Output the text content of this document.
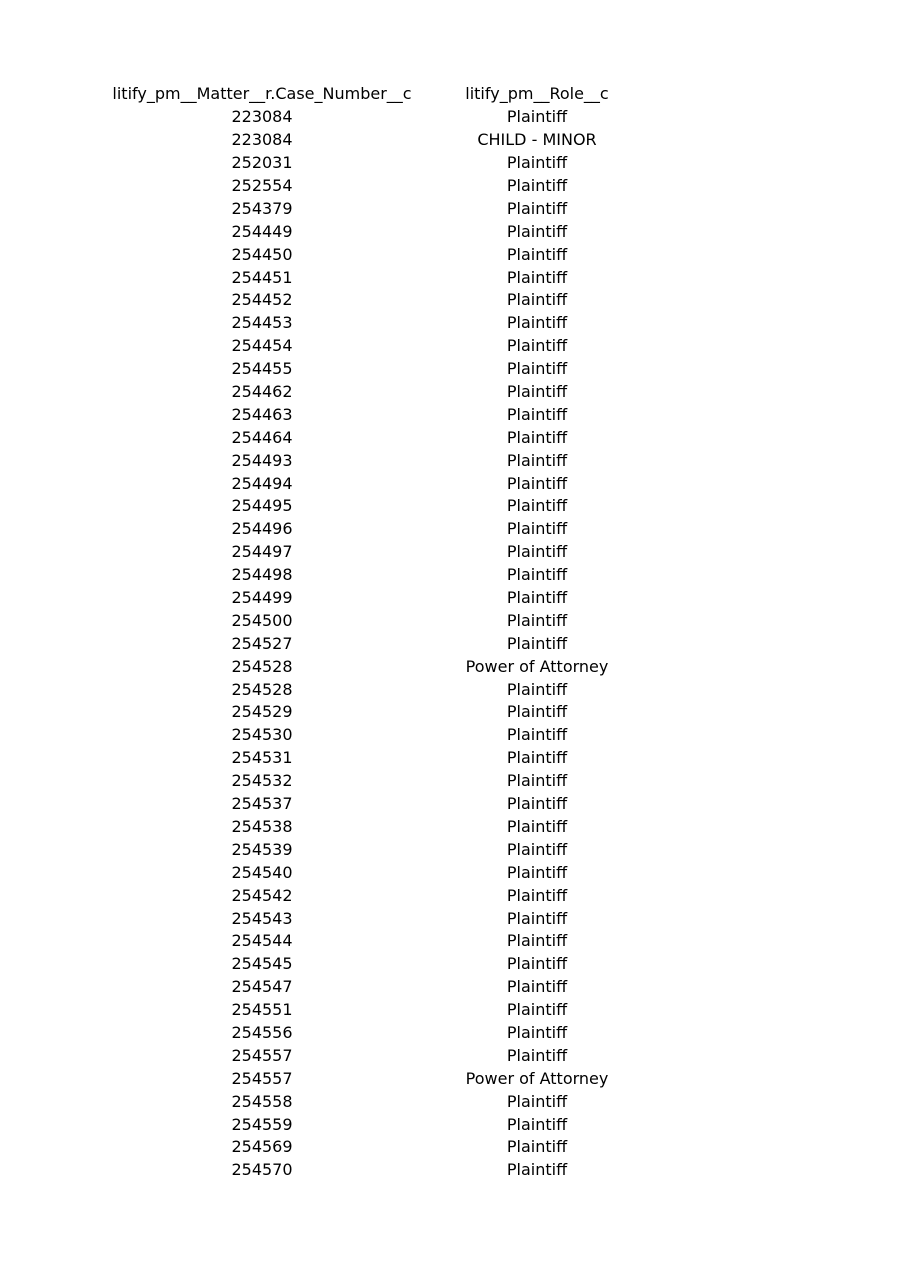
litify_pm__Matter__r.Case_Number__c	litify_pm__Role__c
223084	Plaintiff
223084	CHILD - MINOR
252031	Plaintiff
252554	Plaintiff
254379	Plaintiff
254449	Plaintiff
254450	Plaintiff
254451	Plaintiff
254452	Plaintiff
254453	Plaintiff
254454	Plaintiff
254455	Plaintiff
254462	Plaintiff
254463	Plaintiff
254464	Plaintiff
254493	Plaintiff
254494	Plaintiff
254495	Plaintiff
254496	Plaintiff
254497	Plaintiff
254498	Plaintiff
254499	Plaintiff
254500	Plaintiff
254527	Plaintiff
254528	Power of Attorney
254528	Plaintiff
254529	Plaintiff
254530	Plaintiff
254531	Plaintiff
254532	Plaintiff
254537	Plaintiff
254538	Plaintiff
254539	Plaintiff
254540	Plaintiff
254542	Plaintiff
254543	Plaintiff
254544	Plaintiff
254545	Plaintiff
254547	Plaintiff
254551	Plaintiff
254556	Plaintiff
254557	Plaintiff
254557	Power of Attorney
254558	Plaintiff
254559	Plaintiff
254569	Plaintiff
254570	Plaintiff
